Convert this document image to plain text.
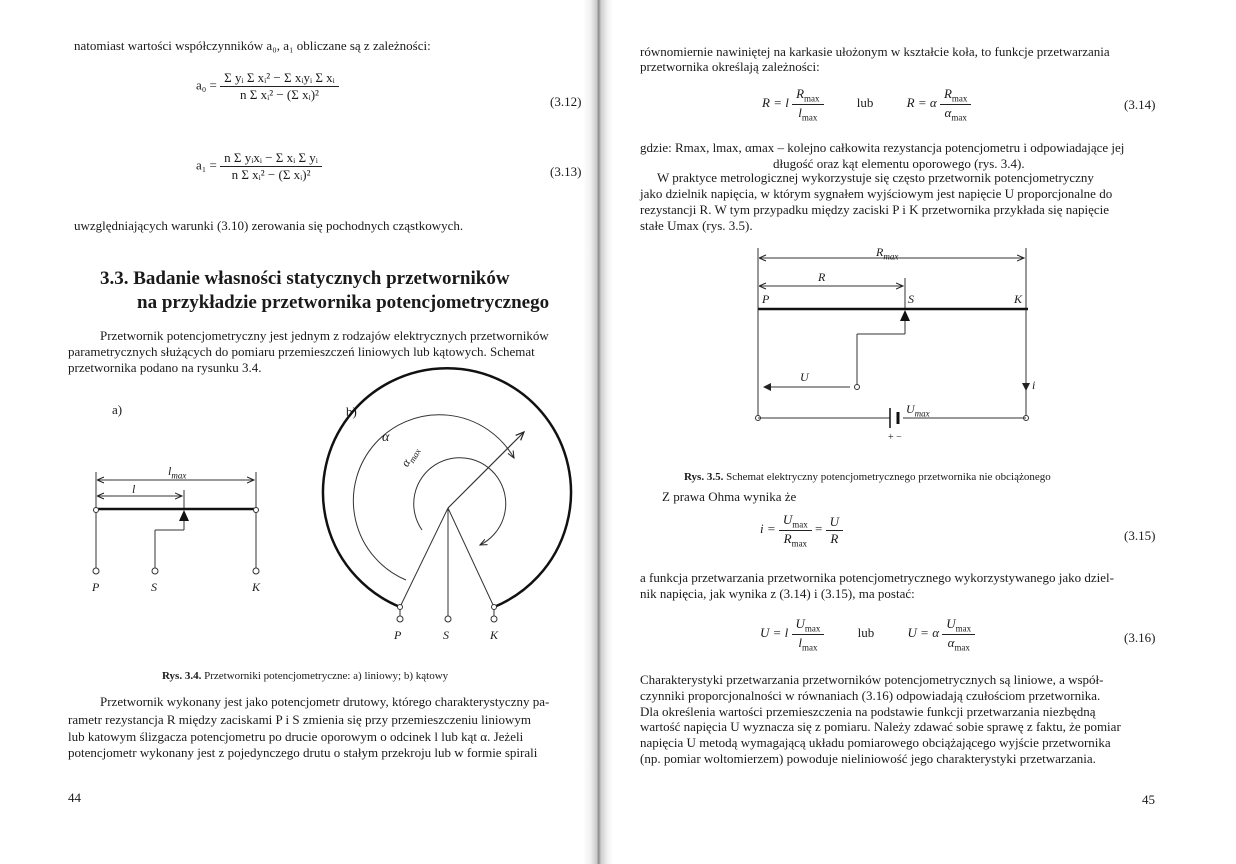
natomiast wartości współczynników a₀, a₁ obliczane są z zależności:

$a_0 = \frac{\text{Σ yᵢ Σ xᵢ² − Σ xᵢyᵢ Σ xᵢ}}{\text{n Σ xᵢ² − (Σ xᵢ)²}}$	(3.12)
$a_1 = \frac{\text{n Σ yᵢxᵢ − Σ xᵢ Σ yᵢ}}{\text{n Σ xᵢ² − (Σ xᵢ)²}}$	(3.13)

uwzględniających warunki (3.10) zerowania się pochodnych cząstkowych.

3.3. Badanie własności statycznych przetworników

na przykładzie przetwornika potencjometrycznego

Przetwornik potencjometryczny jest jednym z rodzajów elektrycznych przetworników

parametrycznych służących do pomiaru przemieszczeń liniowych lub kątowych. Schemat

przetwornika podano na rysunku 3.4.

a)	b)
$l_{max}$
l
P	S	K
α
$\alpha_{max}$
P	S	K

Rys. 3.4. Przetworniki potencjometryczne: a) liniowy; b) kątowy

Przetwornik wykonany jest jako potencjometr drutowy, którego charakterystyczny pa-

rametr rezystancja R między zaciskami P i S zmienia się przy przemieszczeniu liniowym

lub katowym ślizgacza potencjometru po drucie oporowym o odcinek l lub kąt α. Jeżeli

potencjometr wykonany jest z pojedynczego drutu o stałym przekroju lub w formie spirali

44

równomiernie nawiniętej na karkasie ułożonym w kształcie koła, to funkcje przetwarzania

przetwornika określają zależności:

R = l $\frac{R_{max}}{l_{max}}$	lub	R = α $\frac{R_{max}}{\alpha_{max}}$	(3.14)

gdzie: Rmax, lmax, αmax – kolejno całkowita rezystancja potencjometru i odpowiadające jej

długość oraz kąt elementu oporowego (rys. 3.4).

W praktyce metrologicznej wykorzystuje się często przetwornik potencjometryczny

jako dzielnik napięcia, w którym sygnałem wyjściowym jest napięcie U proporcjonalne do

rezystancji R. W tym przypadku między zaciski P i K przetwornika przykłada się napięcie

stałe Umax (rys. 3.5).

$R_{max}$
R
P	S	K
U
i
$U_{max}$
+ −

Rys. 3.5. Schemat elektryczny potencjometrycznego przetwornika nie obciążonego

Z prawa Ohma wynika że

$i = \frac{U_{max}}{R_{max}} = \frac{U}{R}$	(3.15)

a funkcja przetwarzania przetwornika potencjometrycznego wykorzystywanego jako dziel-

nik napięcia, jak wynika z (3.14) i (3.15), ma postać:

U = l $\frac{U_{max}}{l_{max}}$	lub	U = α $\frac{U_{max}}{\alpha_{max}}$	(3.16)

Charakterystyki przetwarzania przetworników potencjometrycznych są liniowe, a współ-

czynniki proporcjonalności w równaniach (3.16) odpowiadają czułościom przetwornika.

Dla określenia wartości przemieszczenia na podstawie funkcji przetwarzania niezbędną

wartość napięcia U wyznacza się z pomiaru. Należy zdawać sobie sprawę z faktu, że pomiar

napięcia U metodą wymagającą układu pomiarowego obciążającego wyjście przetwornika

(np. pomiar woltomierzem) powoduje nieliniowość jego charakterystyki przetwarzania.

45
